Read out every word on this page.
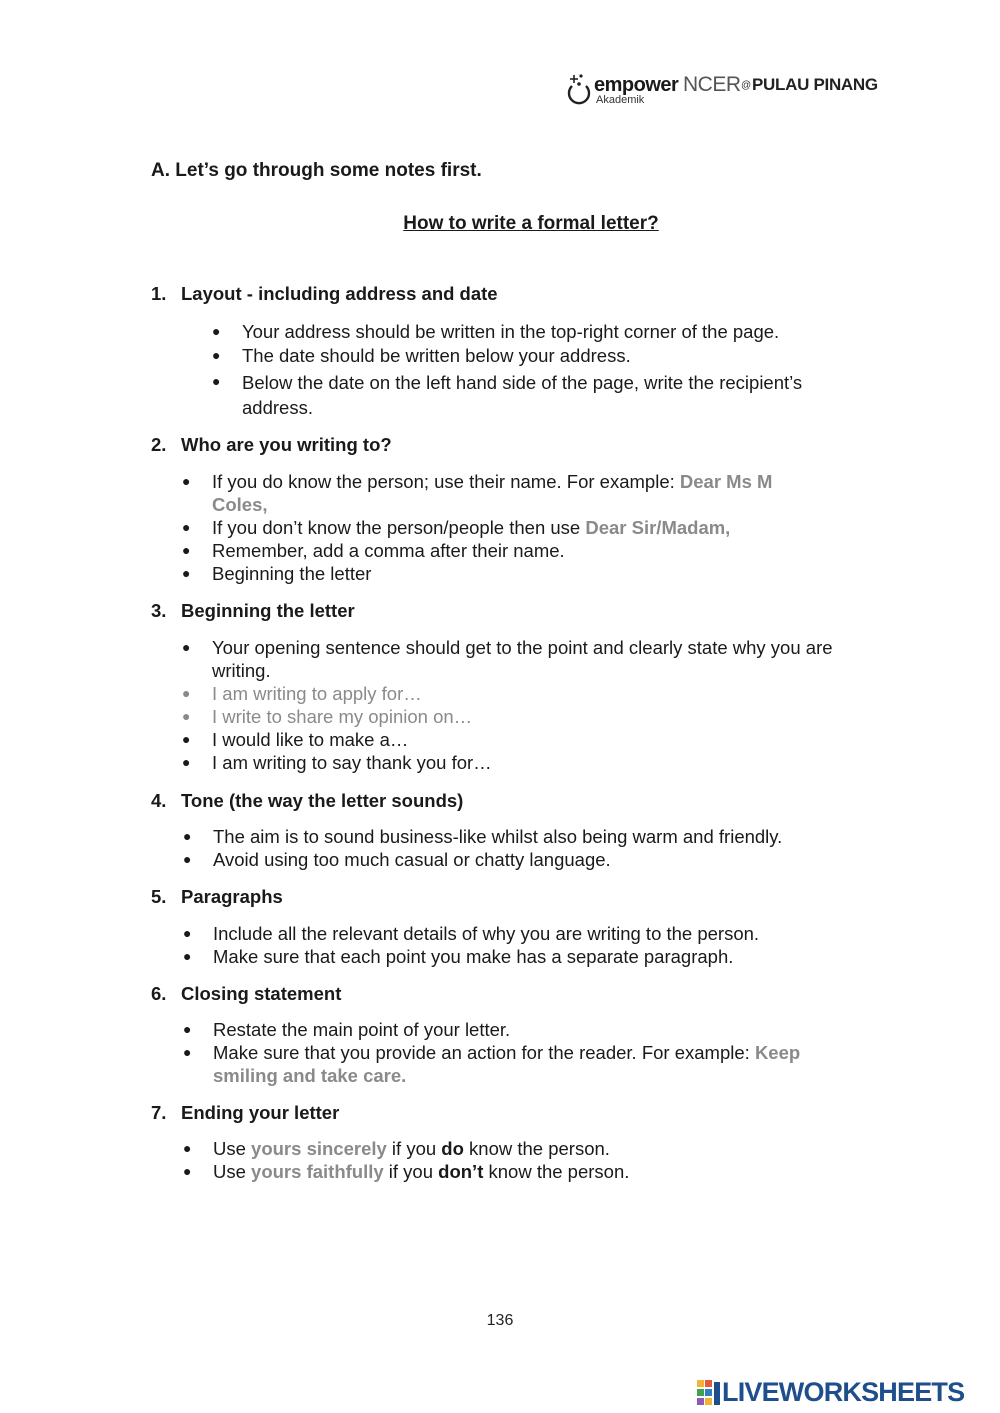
empower NCER @ PULAU PINANG
Akademik
A. Let’s go through some notes first.
How to write a formal letter?
1. Layout - including address and date
● Your address should be written in the top-right corner of the page.
● The date should be written below your address.
● Below the date on the left hand side of the page, write the recipient’s address.
2. Who are you writing to?
● If you do know the person; use their name. For example: Dear Ms M Coles,
● If you don’t know the person/people then use Dear Sir/Madam,
● Remember, add a comma after their name.
● Beginning the letter
3. Beginning the letter
● Your opening sentence should get to the point and clearly state why you are writing.
● I am writing to apply for…
● I write to share my opinion on…
● I would like to make a…
● I am writing to say thank you for…
4. Tone (the way the letter sounds)
● The aim is to sound business-like whilst also being warm and friendly.
● Avoid using too much casual or chatty language.
5. Paragraphs
● Include all the relevant details of why you are writing to the person.
● Make sure that each point you make has a separate paragraph.
6. Closing statement
● Restate the main point of your letter.
● Make sure that you provide an action for the reader. For example: Keep smiling and take care.
7. Ending your letter
● Use yours sincerely if you do know the person.
● Use yours faithfully if you don’t know the person.
136
LIVEWORKSHEETS
